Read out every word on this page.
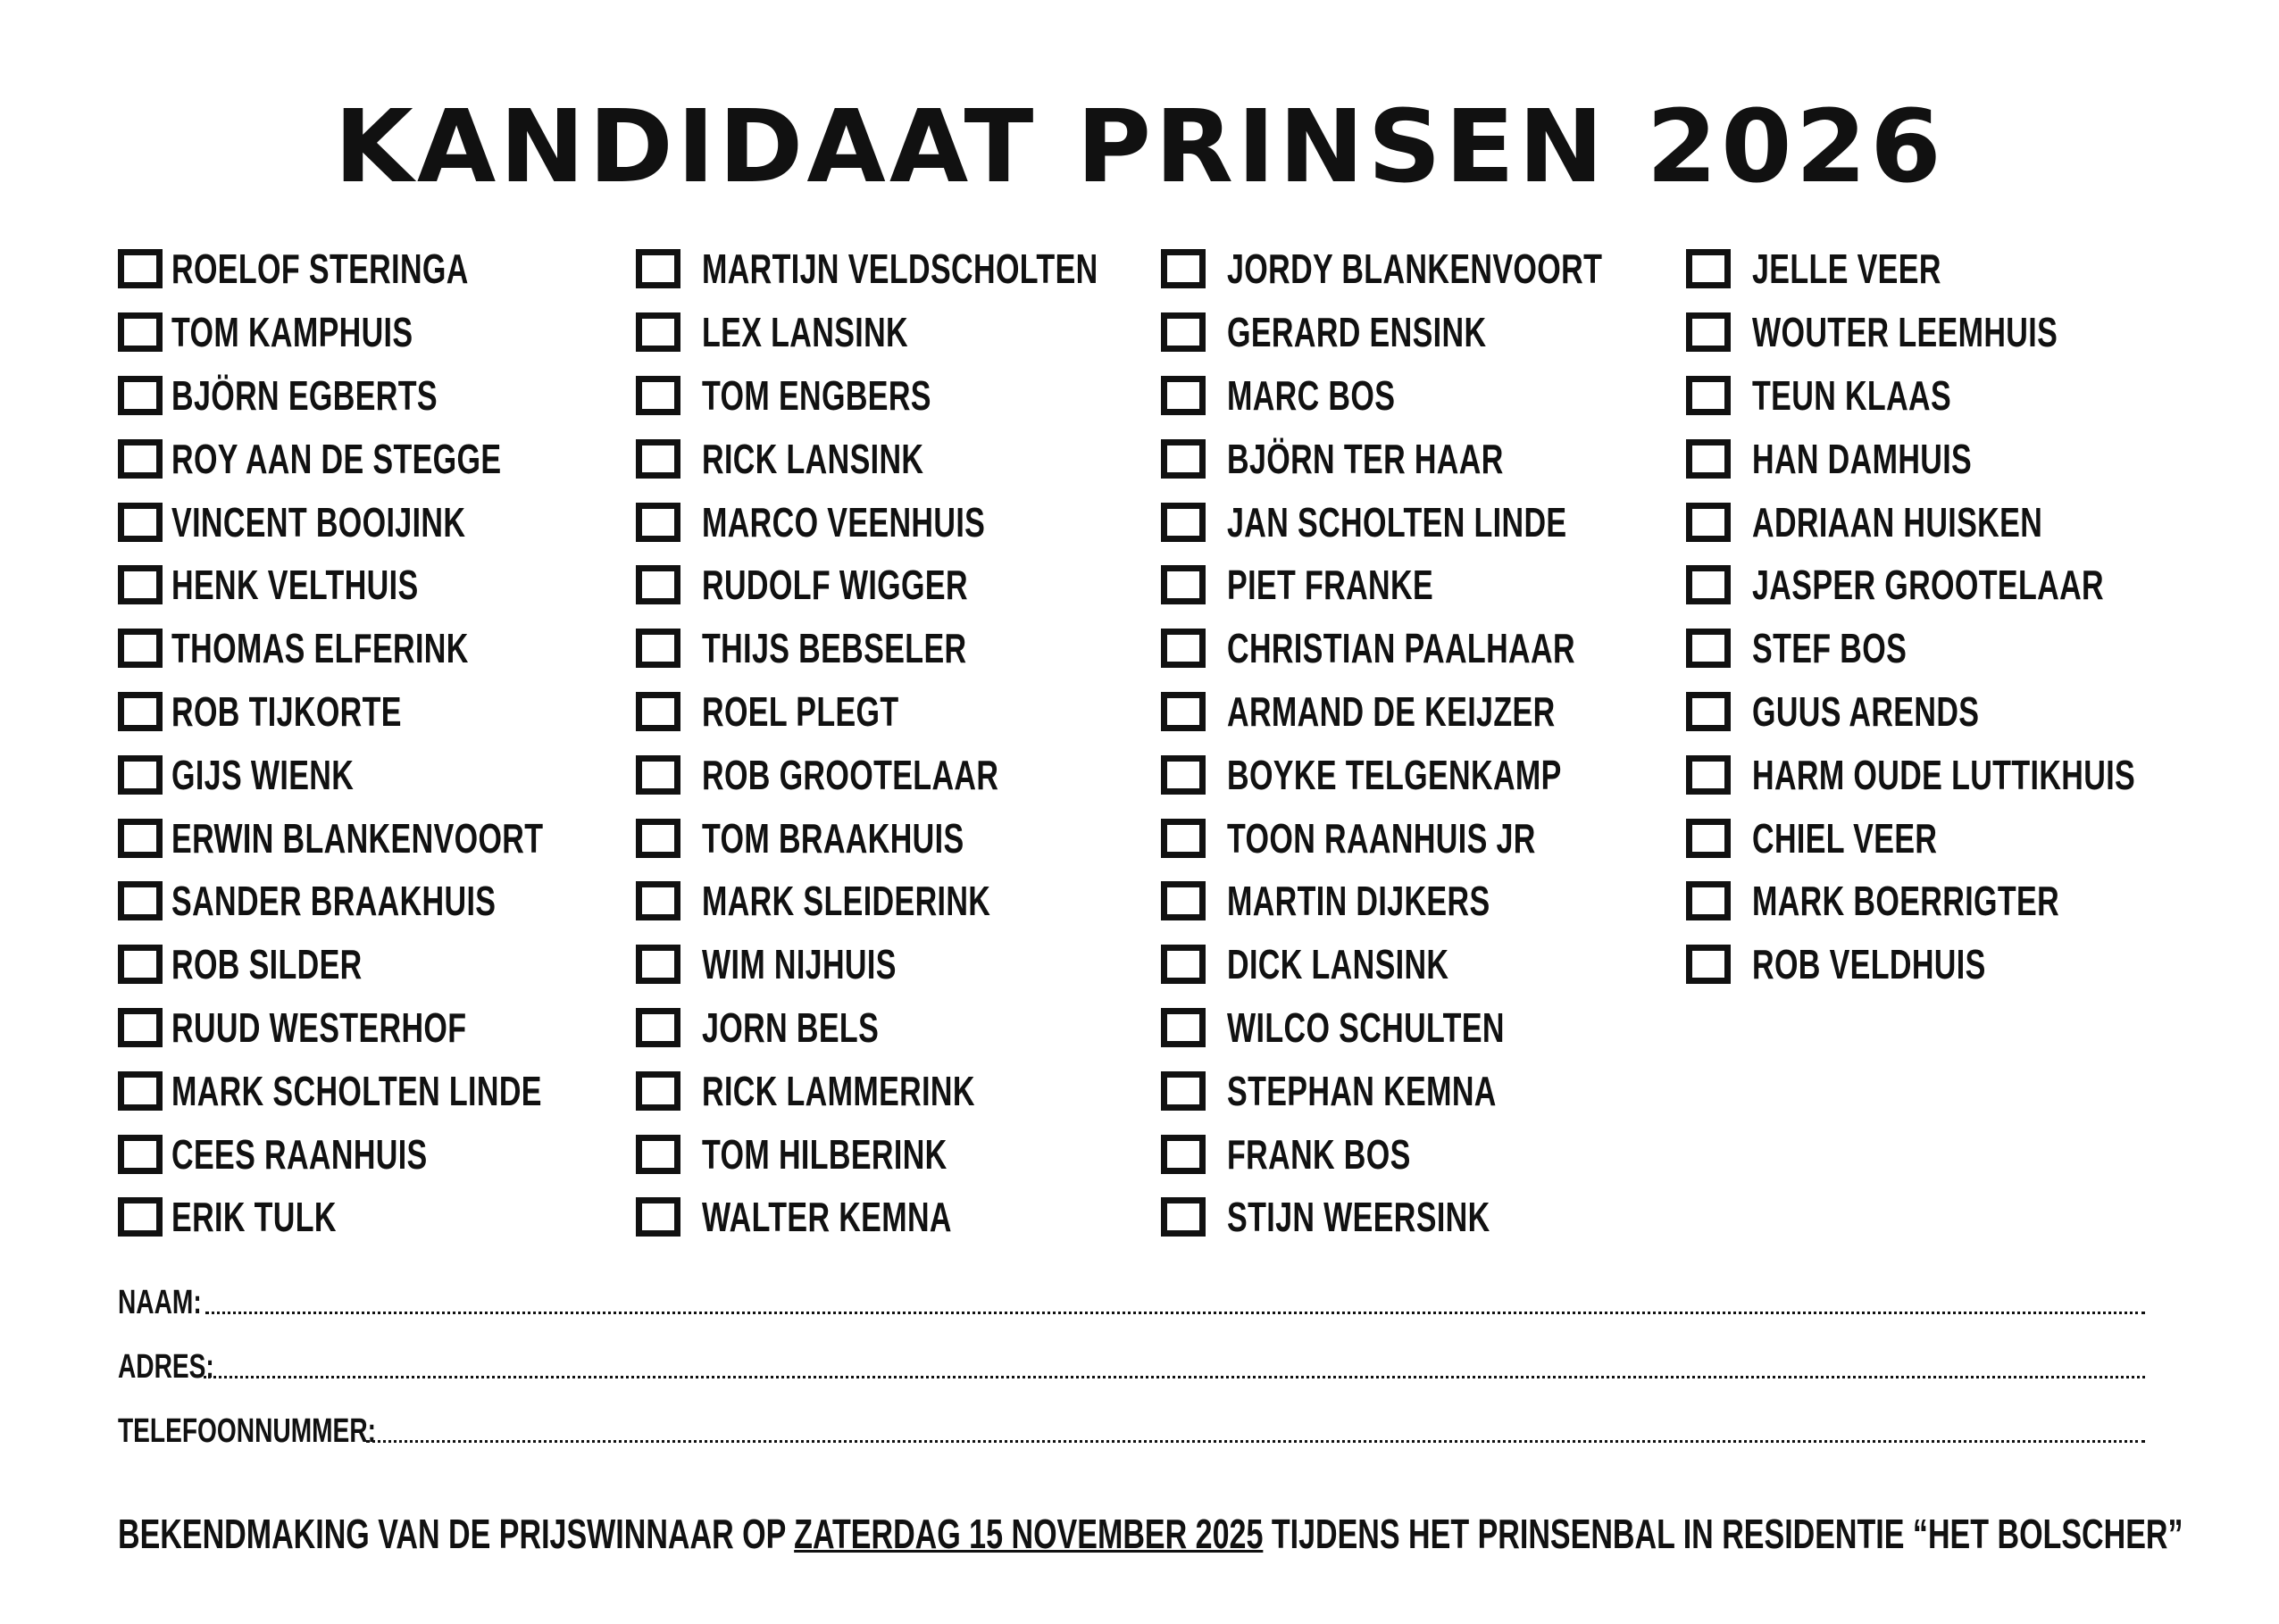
KANDIDAAT PRINSEN 2026
ROELOF STERINGA
TOM KAMPHUIS
BJÖRN EGBERTS
ROY AAN DE STEGGE
VINCENT BOOIJINK
HENK VELTHUIS
THOMAS ELFERINK
ROB TIJKORTE
GIJS WIENK
ERWIN BLANKENVOORT
SANDER BRAAKHUIS
ROB SILDER
RUUD WESTERHOF
MARK SCHOLTEN LINDE
CEES RAANHUIS
ERIK TULK
MARTIJN VELDSCHOLTEN
LEX LANSINK
TOM ENGBERS
RICK LANSINK
MARCO VEENHUIS
RUDOLF WIGGER
THIJS BEBSELER
ROEL PLEGT
ROB GROOTELAAR
TOM BRAAKHUIS
MARK SLEIDERINK
WIM NIJHUIS
JORN BELS
RICK LAMMERINK
TOM HILBERINK
WALTER KEMNA
JORDY BLANKENVOORT
GERARD ENSINK
MARC BOS
BJÖRN TER HAAR
JAN SCHOLTEN LINDE
PIET FRANKE
CHRISTIAN PAALHAAR
ARMAND DE KEIJZER
BOYKE TELGENKAMP
TOON RAANHUIS JR
MARTIN DIJKERS
DICK LANSINK
WILCO SCHULTEN
STEPHAN KEMNA
FRANK BOS
STIJN WEERSINK
JELLE VEER
WOUTER LEEMHUIS
TEUN KLAAS
HAN DAMHUIS
ADRIAAN HUISKEN
JASPER GROOTELAAR
STEF BOS
GUUS ARENDS
HARM OUDE LUTTIKHUIS
CHIEL VEER
MARK BOERRIGTER
ROB VELDHUIS
NAAM:
ADRES:
TELEFOONNUMMER:
BEKENDMAKING VAN DE PRIJSWINNAAR OP ZATERDAG 15 NOVEMBER 2025 TIJDENS HET PRINSENBAL IN RESIDENTIE “HET BOLSCHER”
